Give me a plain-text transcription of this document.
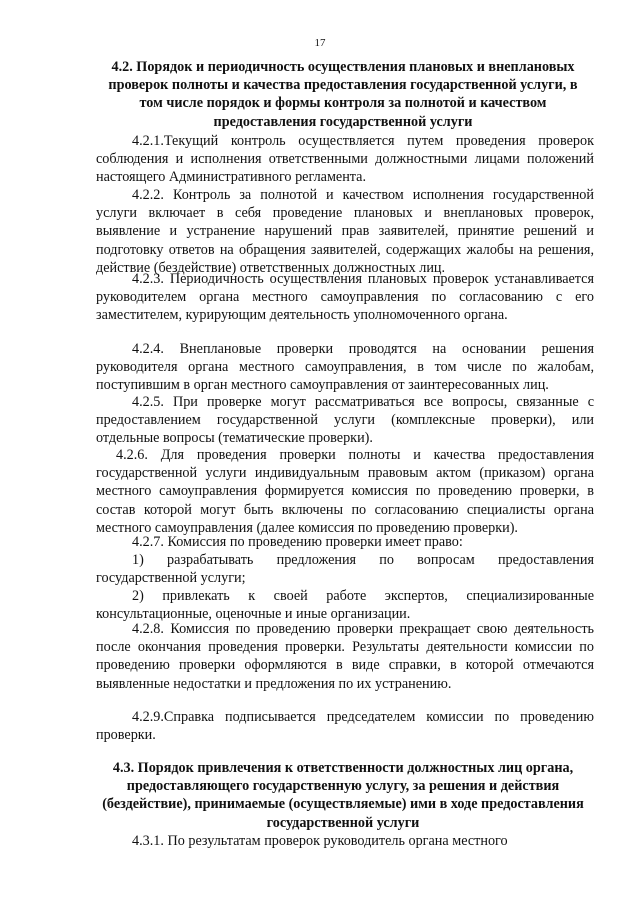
17
4.2. Порядок и периодичность осуществления плановых и внеплановых проверок полноты и качества предоставления государственной услуги, в том числе порядок и формы контроля за полнотой и качеством предоставления государственной услуги

4.2.1.Текущий контроль осуществляется путем проведения проверок соблюдения и исполнения ответственными должностными лицами положений настоящего Административного регламента.

4.2.2. Контроль за полнотой и качеством исполнения государственной услуги включает в себя проведение плановых и внеплановых проверок, выявление и устранение нарушений прав заявителей, принятие решений и подготовку ответов на обращения заявителей, содержащих жалобы на решения, действие (бездействие) ответственных должностных лиц.

4.2.3. Периодичность осуществления плановых проверок устанавливается руководителем органа местного самоуправления по согласованию с его заместителем, курирующим деятельность уполномоченного органа.

4.2.4. Внеплановые проверки проводятся на основании решения руководителя органа местного самоуправления, в том числе по жалобам, поступившим в орган местного самоуправления от заинтересованных лиц.

4.2.5. При проверке могут рассматриваться все вопросы, связанные с предоставлением государственной услуги (комплексные проверки), или отдельные вопросы (тематические проверки).

4.2.6. Для проведения проверки полноты и качества предоставления государственной услуги индивидуальным правовым актом (приказом) органа местного самоуправления формируется комиссия по проведению проверки, в состав которой могут быть включены по согласованию специалисты органа местного самоуправления (далее комиссия по проведению проверки).

4.2.7. Комиссия по проведению проверки имеет право:

1) разрабатывать предложения по вопросам предоставления государственной услуги;

2) привлекать к своей работе экспертов, специализированные консультационные, оценочные и иные организации.

4.2.8. Комиссия по проведению проверки прекращает свою деятельность после окончания проведения проверки. Результаты деятельности комиссии по проведению проверки оформляются в виде справки, в которой отмечаются выявленные недостатки и предложения по их устранению.

4.2.9.Справка подписывается председателем комиссии по проведению проверки.

4.3. Порядок привлечения к ответственности должностных лиц органа, предоставляющего государственную услугу, за решения и действия (бездействие), принимаемые (осуществляемые) ими в ходе предоставления государственной услуги

4.3.1. По результатам проверок руководитель органа местного
